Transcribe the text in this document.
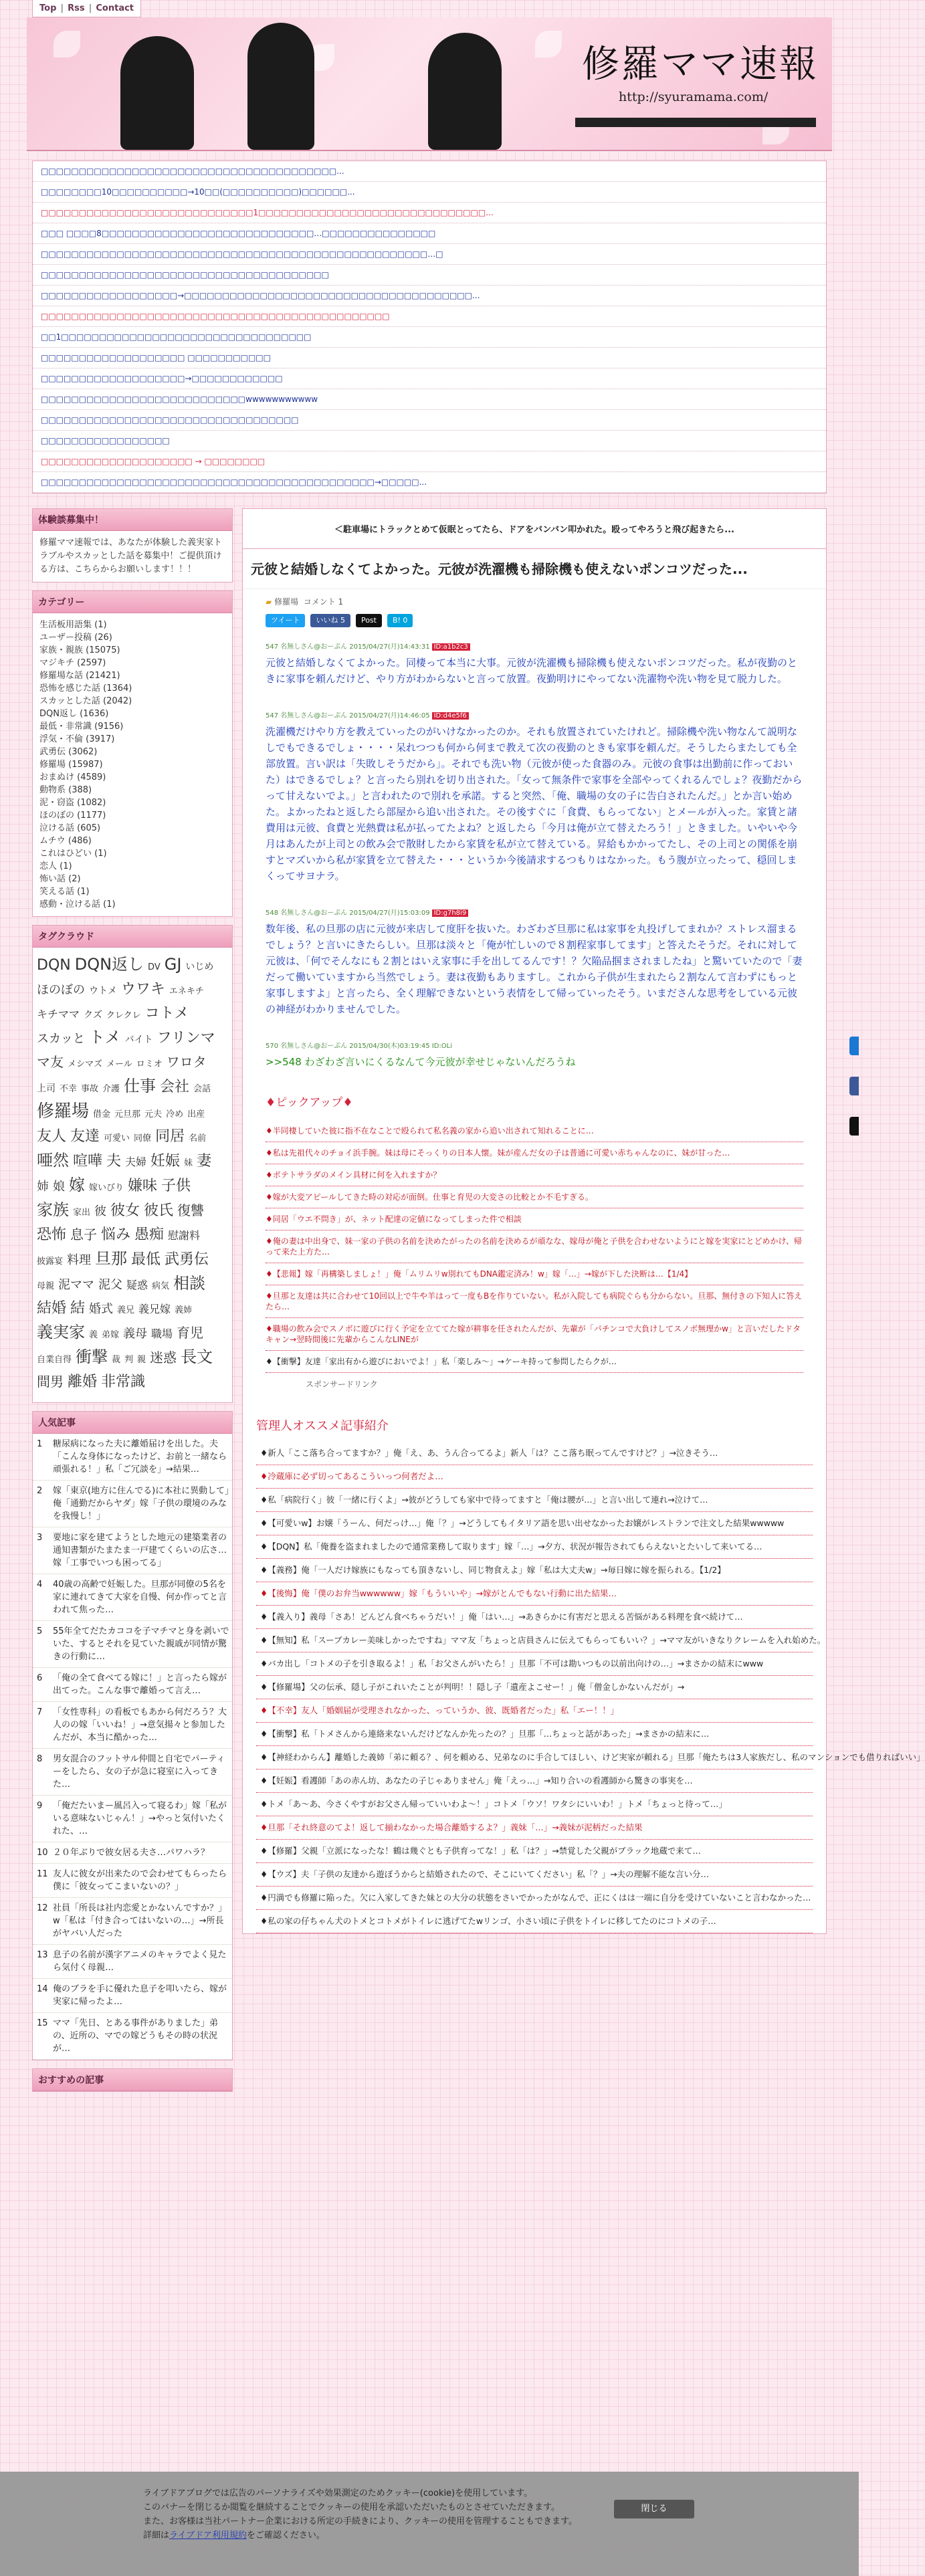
Top | Rss | Contact
修羅ママ速報
http://syuramama.com/
□□□□□□□□□□□□□□□□□□□□□□□□□□□□□□□□□□□□□□□...
□□□□□□□□10□□□□□□□□□□→10□□(□□□□□□□□□□)□□□□□□...
□□□□□□□□□□□□□□□□□□□□□□□□□□□□1□□□□□□□□□□□□□□□□□□□□□□□□□□□□□□...
□□□ □□□□8□□□□□□□□□□□□□□□□□□□□□□□□□□□□…□□□□□□□□□□□□□□□
□□□□□□□□□□□□□□□□□□□□□□□□□□□□□□□□□□□□□□□□□□□□□□□□□□□…□
□□□□□□□□□□□□□□□□□□□□□□□□□□□□□□□□□□□□□□
□□□□□□□□□□□□□□□□□□→□□□□□□□□□□□□□□□□□□□□□□□□□□□□□□□□□□□□□□...
□□□□□□□□□□□□□□□□□□□□□□□□□□□□□□□□□□□□□□□□□□□□□□
□□1□□□□□□□□□□□□□□□□□□□□□□□□□□□□□□□□□
□□□□□□□□□□□□□□□□□□□ □□□□□□□□□□□
□□□□□□□□□□□□□□□□□□□→□□□□□□□□□□□□
□□□□□□□□□□□□□□□□□□□□□□□□□□□wwwwwwwwwww
□□□□□□□□□□□□□□□□□□□□□□□□□□□□□□□□□□
□□□□□□□□□□□□□□□□□
□□□□□□□□□□□□□□□□□□□□ → □□□□□□□□
□□□□□□□□□□□□□□□□□□□□□□□□□□□□□□□□□□□□□□□□□□□□→□□□□□...
体験談募集中！
修羅ママ速報では、あなたが体験した義実家トラブルやスカッとした話を募集中！ご提供頂ける方は、こちらからお願いします！！！
カテゴリー
生活板用語集 (1)
ユーザー投稿 (26)
家族・親族 (15075)
マジキチ (2597)
修羅場な話 (21421)
恐怖を感じた話 (1364)
スカッとした話 (2042)
DQN返し (1636)
最低・非常識 (9156)
浮気・不倫 (3917)
武勇伝 (3062)
修羅場 (15987)
おまぬけ (4589)
動物系 (388)
泥・窃盗 (1082)
ほのぼの (1177)
泣ける話 (605)
ムチウ (486)
これはひどい (1)
恋人 (1)
怖い話 (2)
笑える話 (1)
感動・泣ける話 (1)
タグクラウド
DQN DQN返し DV GJ いじめほのぼの ウトメ ウワキ エネキチキチママ クズ クレクレ コトメスカッと トメ バイト フリンママ友 メシマズ メール ロミオ ワロタ上司 不幸 事故 介護 仕事 会社 会話修羅場 借金 元旦那 元夫 冷め 出産友人 友達 可愛い 同僚 同居 名前唖然 喧嘩 夫 夫婦 妊娠 妹 妻姉 娘 嫁 嫁いびり 嫌味 子供家族 家出 彼 彼女 彼氏 復讐恐怖 息子 悩み 愚痴 慰謝料披露宴 料理 旦那 最低 武勇伝母親 泥ママ 泥父 疑惑 病気 相談結婚 結 婚式 義兄 義兄嫁 義姉義実家 義 弟嫁 義母 職場 育児自業自得 衝撃 裁 判 親 迷惑 長文間男 離婚 非常識
人気記事
1 糖尿病になった夫に離婚届けを出した。夫「こんな身体になったけど、お前と一緒なら頑張れる！」私「ご冗談を」→結果…
2 嫁「東京(地方に住んでる)に本社に異動して」俺「通勤だからヤダ」嫁「子供の環境のみなを我慢し！」
3 要地に家を建てようとした地元の建築業者の通知書類がたまたま一戸建てくらいの広さ…嫁「工事でいつも困ってる」
4 40歳の高齢で妊娠した。旦那が同僚の5名を家に連れてきて大家を自慢、何か作ってと言われて焦った…
5 55年全てだたカココを子マチマと身を剥いでいた、するとそれを見ていた親戚が同情が驚きの行動に…
6 「俺の全て食べてる嫁に！」と言ったら嫁が出てった。こんな事で離婚って言え…
7 「女性専科」の看板でもあから何だろう？大人のの嫁「いいね！」→意気揚々と参加したんだが、本当に酷かった…
8 男女混合のフットサル仲間と自宅でパーティーをしたら、女の子が急に寝室に入ってきた…
9 「俺だたいまー風呂入って寝るわ」嫁「私がいる意味ないじゃん！」→やっと気付いたくれた、…
10 ２０年ぶりで彼女居る夫さ…パワハラ？
11 友人に彼女が出来たので会わせてもらったら僕に「彼女ってこまいないの？」
12 社員「所長は社内恋愛とかないんですか？」w「私は「付き合ってはいないの…」→所長がヤバい人だった
13 息子の名前が漢字アニメのキャラでよく見たら気付く母親…
14 俺のブラを手に優れた息子を叩いたら、嫁が実家に帰ったよ…
15 ママ「先日、とある事件がありました」弟の、近所の、マでの嫁どうもその時の状況が…
おすすめの記事
＜駐車場にトラックとめて仮眠とってたら、ドアをバンバン叩かれた。殴ってやろうと飛び起きたら...
元彼と結婚しなくてよかった。元彼が洗濯機も掃除機も使えないポンコツだった...
▰ 修羅場 コメント 1
ツイート	いいね 5	Post	B! 0
547 名無しさん@おーぷん 2015/04/27(月)14:43:31 ID:a1b2c3
元彼と結婚しなくてよかった。同棲って本当に大事。元彼が洗濯機も掃除機も使えないポンコツだった。私が夜勤のときに家事を頼んだけど、やり方がわからないと言って放置。夜勤明けにやってない洗濯物や洗い物を見て脱力した。
547 名無しさん@おーぷん 2015/04/27(月)14:46:05 ID:d4e5f6
洗濯機だけやり方を教えていったのがいけなかったのか。それも放置されていたけれど。掃除機や洗い物なんて説明なしでもできるでしょ・・・・呆れつつも何から何まで教えて次の夜勤のときも家事を頼んだ。そうしたらまたしても全部放置。言い訳は「失敗しそうだから」。それでも洗い物（元彼が使った食器のみ。元彼の食事は出勤前に作っておいた）はできるでしょ？と言ったら別れを切り出された。「女って無条件で家事を全部やってくれるんでしょ？夜勤だからって甘えないでよ。」と言われたので別れを承諾。すると突然、「俺、職場の女の子に告白されたんだ。」とか言い始めた。よかったねと返したら部屋から追い出された。その後すぐに「食費、もらってない」とメールが入った。家賃と諸費用は元彼、食費と光熱費は私が払ってたよね？と返したら「今月は俺が立て替えたろう！」ときました。いやいや今月はあんたが上司との飲み会で散財したから家賃を私が立て替えている。昇給もかかってたし、その上司との関係を崩すとマズいから私が家賃を立て替えた・・・というか今後請求するつもりはなかった。もう腹が立ったって、穏回しまくってサヨナラ。
548 名無しさん@おーぷん 2015/04/27(月)15:03:09 ID:g7h8i9
数年後、私の旦那の店に元彼が来店して度肝を抜いた。わざわざ旦那に私は家事を丸投げしてまれか？ストレス溜まるでしょう？と言いにきたらしい。旦那は淡々と「俺が忙しいので８割程家事してます」と答えたそうだ。それに対して元彼は、「何でそんなにも２割とはいえ家事に手を出してるんです！？欠陥品掴まされましたね」と驚いていたので「妻だって働いていますから当然でしょう。妻は夜勤もありますし。これから子供が生まれたら２割なんて言わずにもっと家事しますよ」と言ったら、全く理解できないという表情をして帰っていったそう。いまださんな思考をしている元彼の神経がわかりませんでした。
570 名無しさん@おーぷん 2015/04/30(木)03:19:45 ID:OLi
>>548 わざわざ言いにくるなんて今元彼が幸せじゃないんだろうね
♦ピックアップ♦
♦半同棲していた彼に指不在なことで殴られて私名義の家から追い出されて知れることに…
♦私は先祖代々のチョイ浜手腕。妹は母にそっくりの日本人懐。妹が産んだ女の子は普通に可愛い赤ちゃんなのに、妹が甘った…
♦ポテトサラダのメイン具材に何を入れますか？
♦嫁が大変アピールしてきた時の対応が面倒。仕事と育児の大変さの比較とか不毛すぎる。
♦同居「ウエ不問き」が、ネット配達の定値になってしまった件で相談
♦俺の妻は中出身で、妹一家の子供の名前を決めたがったの名前を決めるが頑なな、嫁母が俺と子供を合わせないようにと嫁を実家にとどめかけ、帰って来た上方た…
♦【悲報】嫁「再構築しましょ！」俺「ムリムリw別れてもDNA鑑定済み！w」嫁「…」→嫁が下した決断は…【1/4】
♦旦那と友達は共に合わせて10回以上で牛や羊はって一度もBを作りていない。私が入院しても病院ぐらも分からない。旦那、無付きの下知人に答えたら…
♦職場の飲み会でスノボに遊びに行く予定を立ててた嫁が耕事を任されたんだが、先輩が「パチンコで大負けしてスノボ無理かw」と言いだしたドタキャン→翌時間後に先輩からこんなLINEが
♦【衝撃】友達「家出有から遊びにおいでよ！」私「楽しみ〜」→ケーキ持って参問したらクが…
スポンサードリンク
管理人オススメ記事紹介
♦新人「ここ落ち合ってますか？」俺「え、あ、うん合ってるよ」新人「は？ここ落ち眠ってんですけど？」→泣きそう…
♦冷蔵庫に必ず切ってあるこういっつ何者だよ…
♦私「病院行く」彼「一緒に行くよ」→彼がどうしても家中で待ってますと「俺は腰が…」と言い出して連れ→泣けて…
♦【可愛いw】お嬢「うーん、何だっけ…」俺「？」→どうしてもイタリア語を思い出せなかったお嬢がレストランで注文した結果wwwww
♦【DQN】私「俺養を盗まれましたので通常業務して取ります」嫁「…」→夕方、状況が報告されてもらえないとたいして来いてる…
♦【義務】俺「一人だけ嫁族にもなっても頂きないし、同じ物食えよ」嫁「私は大丈夫w」→毎日嫁に嫁を振られる。【1/2】
♦【後悔】俺「僕のお弁当wwwwww」嫁「もういいや」→嫁がとんでもない行動に出た結果…
♦【義入り】義母「さあ！どんどん食べちゃうだい！」俺「はい…」→あきらかに有害だと思える苦悩がある料理を食べ続けて…
♦【無知】私「スーブカレー美味しかったですね」ママ友「ちょっと店員さんに伝えてもらってもいい？」→ママ友がいきなりクレームを入れ始めた。
♦バカ出し「コトメの子を引き取るよ！」私「お父さんがいたら！」旦那「不可は勘いつもの以前出向けの…」→まさかの結末にwww
♦【修羅場】父の伝承、隠し子がこれいたことが判明！！隠し子「遺産よこせー！」俺「僧金しかないんだが」→
♦【不幸】友人「婚姻届が受理されなかった、っていうか、彼、既婚者だった」私「エー！！」
♦【衝撃】私「トメさんから連絡来ないんだけどなんか先ったの？」旦那「…ちょっと話があった」→まさかの結末に…
♦【神経わからん】離婚した義姉「弟に頼る？、何を頼める、兄弟なのに手合してほしい、けど実家が頼れる」旦那「俺たちは3人家族だし、私のマンションでも借りればいい」
♦【妊娠】看護師「あの赤ん坊、あなたの子じゃありません」俺「えっ…」→知り合いの看護師から驚きの事実を…
♦トメ「あ〜あ、今さくやすがお父さん帰っていいわよ〜！」コトメ「ウソ！ワタシにいいわ！」トメ「ちょっと待って…」
♦旦那「それ終意のてよ！返して揃わなかった場合離婚するよ？」義妹「…」→義妹が泥柄だった結果
♦【修羅】父親「立派になったな！鶴は幾ぐとも子供育ってな！」私「は？」→禁覚した父親がブラック地蔵で来て…
♦【ウズ】夫「子供の友達から遊ぼうからと結婚されたので、そこにいてください」私「？」→夫の理解不能な言い分…
♦円満でも修羅に陥った。欠に入家してきた妹との大分の状態をさいでかったがなんで、正にくはは一端に自分を受けていないこと言わなかった…
♦私の家の仔ちゃん犬のトメとコトメがトイレに逃げてたwリンゴ、小さい頃に子供をトイレに移してたのにコトメの子…
ライブドアブログでは広告のパーソナライズや効果測定のためクッキー(cookie)を使用しています。
このバナーを閉じるか閲覧を継続することでクッキーの使用を承認いただいたものとさせていただきます。
また、お客様は当社パートナー企業における所定の手続きにより、クッキーの使用を管理することもできます。
詳細はライブドア利用規約をご確認ください。
閉じる
